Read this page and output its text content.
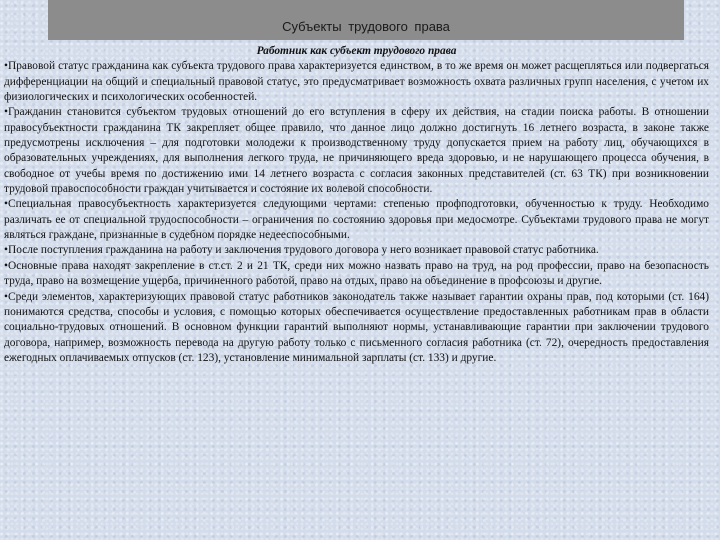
Субъекты трудового права

Работник как субъект трудового права

•Правовой статус гражданина как субъекта трудового права характеризуется единством, в то же время он может расщепляться или подвергаться дифференциации на общий и специальный правовой статус, это предусматривает возможность охвата различных групп населения, с учетом их физиологических и психологических особенностей.

•Гражданин становится субъектом трудовых отношений до его вступления в сферу их действия, на стадии поиска работы. В отношении правосубъектности гражданина ТК закрепляет общее правило, что данное лицо должно достигнуть 16 летнего возраста, в законе также предусмотрены исключения – для подготовки молодежи к производственному труду допускается прием на работу лиц, обучающихся в образовательных учреждениях, для выполнения легкого труда, не причиняющего вреда здоровью, и не нарушающего процесса обучения, в свободное от учебы время по достижению ими 14 летнего возраста с согласия законных представителей (ст. 63 ТК) при возникновении трудовой правоспособности граждан учитывается и состояние их волевой способности.

•Специальная правосубъектность характеризуется следующими чертами: степенью профподготовки, обученностью к труду. Необходимо различать ее от специальной трудоспособности – ограничения по состоянию здоровья при медосмотре. Субъектами трудового права не могут являться граждане, признанные в судебном порядке недееспособными.

•После поступления гражданина на работу и заключения трудового договора у него возникает правовой статус работника.

•Основные права находят закрепление в ст.ст. 2 и 21 ТК, среди них можно назвать право на труд, на род профессии, право на безопасность труда, право на возмещение ущерба, причиненного работой, право на отдых, право на объединение в профсоюзы и другие.

•Среди элементов, характеризующих правовой статус работников законодатель также называет гарантии охраны прав, под которыми (ст. 164) понимаются средства, способы и условия, с помощью которых обеспечивается осуществление предоставленных работникам прав в области социально-трудовых отношений. В основном функции гарантий выполняют нормы, устанавливающие гарантии при заключении трудового договора, например, возможность перевода на другую работу только с письменного согласия работника (ст. 72), очередность предоставления ежегодных оплачиваемых отпусков (ст. 123), установление минимальной зарплаты (ст. 133) и другие.
